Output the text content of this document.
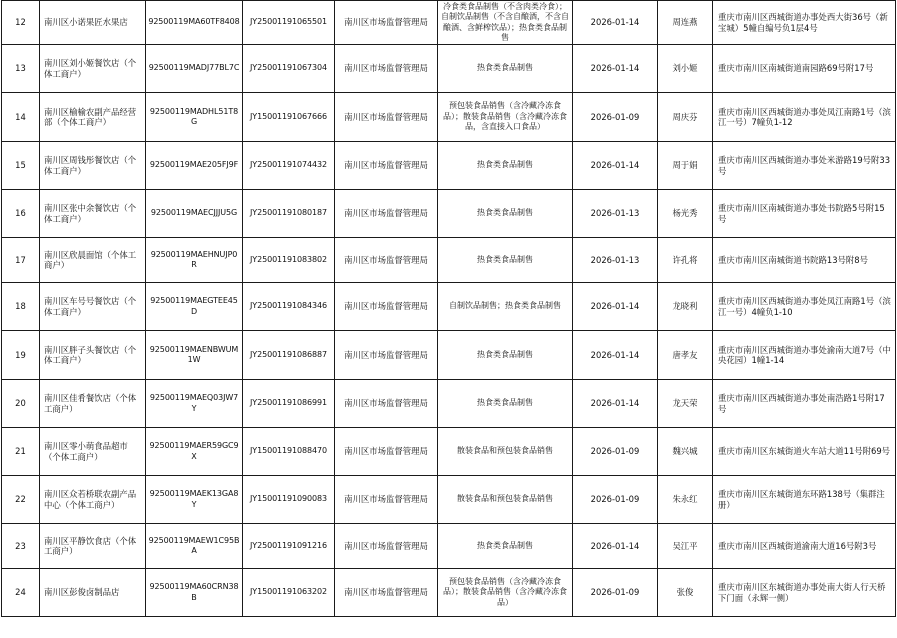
12	南川区小诺果匠水果店	92500119MA60TF8408	JY25001191065501	南川区市场监督管理局	冷食类食品制售（不含肉类冷食）；自制饮品制售（不含自酿酒，不含自酿酒、含鲜榨饮品）；热食类食品制售	2026-01-14	周连燕	重庆市南川区西城街道办事处西大街36号（新宝城）5幢自编号负1层4号
13	南川区刘小姬餐饮店（个体工商户）	92500119MADJ77BL7C	JY25001191067304	南川区市场监督管理局	热食类食品制售	2026-01-14	刘小姬	重庆市南川区南城街道南园路69号附17号
14	南川区榆榆农副产品经营部（个体工商户）	92500119MADHL51T8G	JY15001191067666	南川区市场监督管理局	预包装食品销售（含冷藏冷冻食品）；散装食品销售（含冷藏冷冻食品，含直接入口食品）	2026-01-09	周庆芬	重庆市南川区西城街道办事处凤江南路1号（滨江一号）7幢负1-12
15	南川区周钱彤餐饮店（个体工商户）	92500119MAE205FJ9F	JY25001191074432	南川区市场监督管理局	热食类食品制售	2026-01-14	周于娟	重庆市南川区西城街道办事处米游路19号附33号
16	南川区张中余餐饮店（个体工商户）	92500119MAECJJJU5G	JY25001191080187	南川区市场监督管理局	热食类食品制售	2026-01-13	杨光秀	重庆市南川区南城街道办事处书院路5号附15号
17	南川区欣晨面馆（个体工商户）	92500119MAEHNUJP0R	JY25001191083802	南川区市场监督管理局	热食类食品制售	2026-01-13	许孔将	重庆市南川区南城街道书院路13号附8号
18	南川区车号号餐饮店（个体工商户）	92500119MAEGTEE45D	JY25001191084346	南川区市场监督管理局	自制饮品制售；热食类食品制售	2026-01-14	龙晓利	重庆市南川区西城街道办事处凤江南路1号（滨江一号）4幢负1-10
19	南川区胖子头餐饮店（个体工商户）	92500119MAENBWUM1W	JY25001191086887	南川区市场监督管理局	热食类食品制售	2026-01-14	唐孝友	重庆市南川区西城街道办事处渝南大道7号（中央花园）1幢1-14
20	南川区佳肴餐饮店（个体工商户）	92500119MAEQ03JW7Y	JY25001191086991	南川区市场监督管理局	热食类食品制售	2026-01-14	龙天荣	重庆市南川区西城街道办事处南浩路1号附17号
21	南川区零小萌食品超市（个体工商户）	92500119MAER59GC9X	JY15001191088470	南川区市场监督管理局	散装食品和预包装食品销售	2026-01-09	魏兴城	重庆市南川区东城街道火车站大道11号附69号
22	南川区众若桥联农副产品中心（个体工商户）	92500119MAEK13GA8Y	JY15001191090083	南川区市场监督管理局	散装食品和预包装食品销售	2026-01-09	朱永红	重庆市南川区东城街道东环路138号（集群注册）
23	南川区平静饮食店（个体工商户）	92500119MAEW1C95BA	JY25001191091216	南川区市场监督管理局	热食类食品制售	2026-01-14	吴江平	重庆市南川区西城街道渝南大道16号附3号
24	南川区彭俊卤制品店	92500119MA60CRN38B	JY15001191063202	南川区市场监督管理局	预包装食品销售（含冷藏冷冻食品）；散装食品销售（含冷藏冷冻食品）	2026-01-09	张俊	重庆市南川区东城街道办事处南大街人行天桥下门面（永辉一侧）
